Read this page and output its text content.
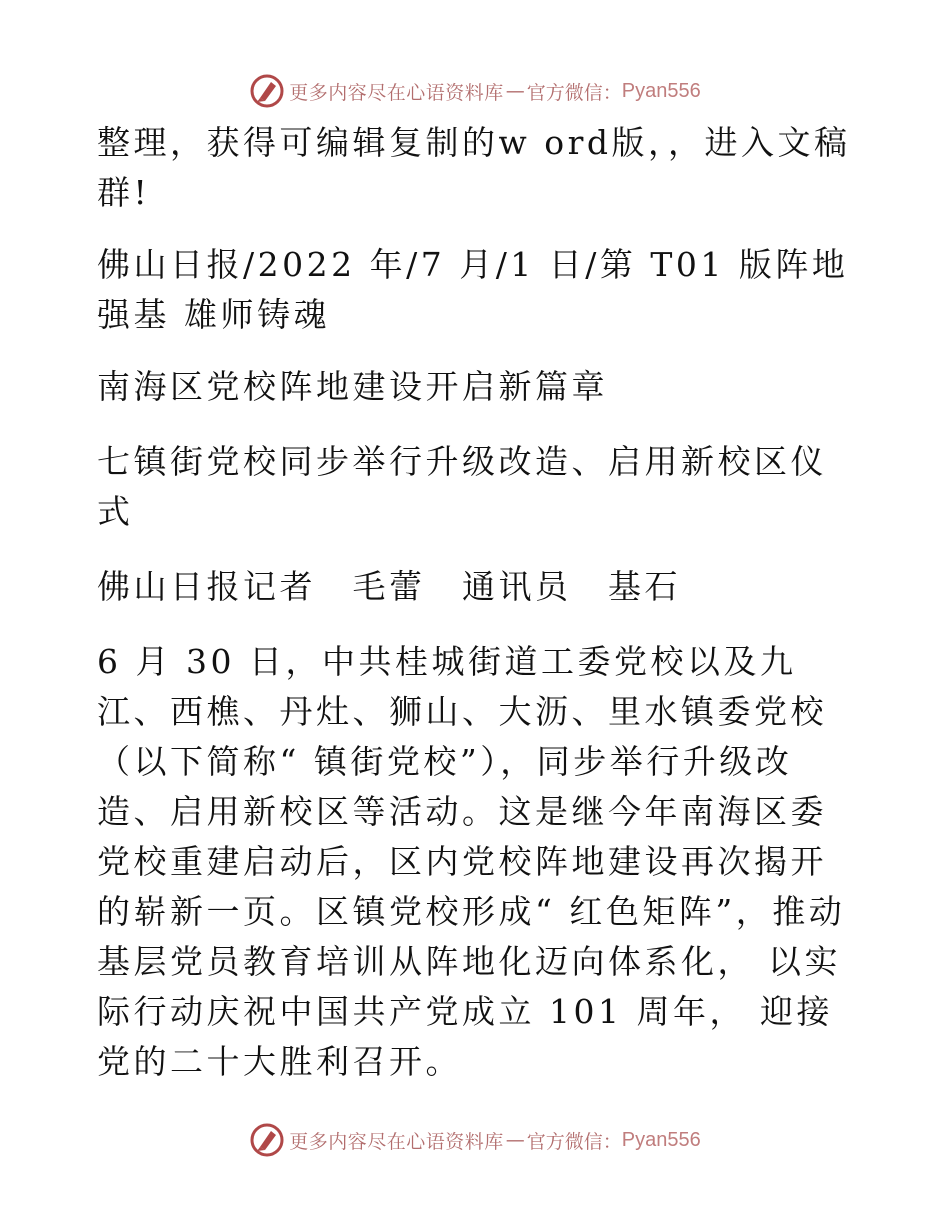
更多内容尽在心语资料库 — 官方微信： Pyan556

整理，获得可编辑复制的w ord版，，进入文稿群!

佛山日报/2022 年/7 月/1 日/第 T01 版阵地强基 雄师铸魂

南海区党校阵地建设开启新篇章

七镇街党校同步举行升级改造、启用新校区仪式

佛山日报记者　毛蕾　通讯员　基石

6 月 30 日，中共桂城街道工委党校以及九江、西樵、丹灶、狮山、大沥、里水镇委党校（以下简称“ 镇街党校”），同步举行升级改造、启用新校区等活动。这是继今年南海区委党校重建启动后，区内党校阵地建设再次揭开的崭新一页。区镇党校形成“ 红色矩阵”，推动基层党员教育培训从阵地化迈向体系化， 以实际行动庆祝中国共产党成立 101 周年， 迎接党的二十大胜利召开。

更多内容尽在心语资料库 — 官方微信： Pyan556
